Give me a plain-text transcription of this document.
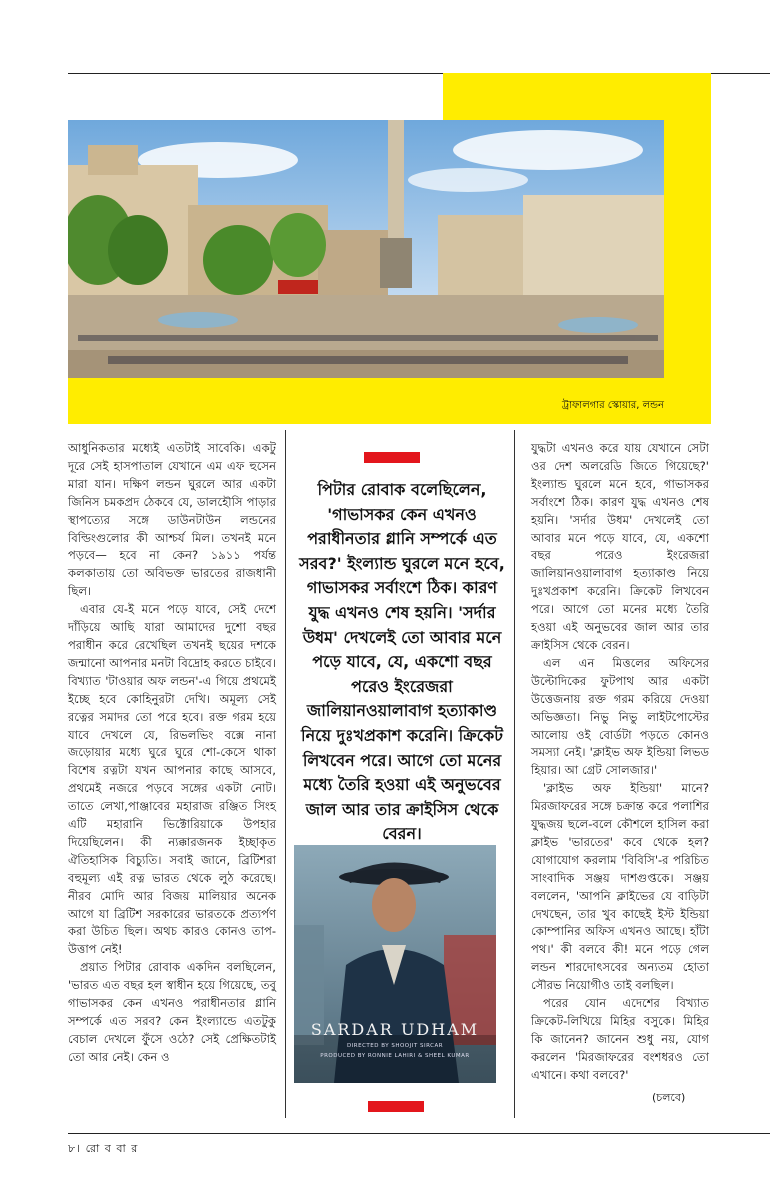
ট্রাফালগার স্কোয়ার, লন্ডন

আধুনিকতার মধ্যেই এতটাই সাবেকি। একটু দূরে সেই হাসপাতাল যেখানে এম এফ হুসেন মারা যান। দক্ষিণ লন্ডন ঘুরলে আর একটা জিনিস চমকপ্রদ ঠেকবে যে, ডালহৌসি পাড়ার স্থাপত্যের সঙ্গে ডাউনটাউন লন্ডনের বিল্ডিংগুলোর কী আশ্চর্য মিল। তখনই মনে পড়বে— হবে না কেন? ১৯১১ পর্যন্ত কলকাতায় তো অবিভক্ত ভারতের রাজধানী ছিল।

এবার যে-ই মনে পড়ে যাবে, সেই দেশে দাঁড়িয়ে আছি যারা আমাদের দুশো বছর পরাধীন করে রেখেছিল তখনই ছয়ের দশকে জন্মানো আপনার মনটা বিদ্রোহ করতে চাইবে। বিখ্যাত 'টাওয়ার অফ লন্ডন'-এ গিয়ে প্রথমেই ইচ্ছে হবে কোহিনুরটা দেখি। অমূল্য সেই রত্নের সমাদর তো পরে হবে। রক্ত গরম হয়ে যাবে দেখলে যে, রিভলভিং বক্সে নানা জড়োয়ার মধ্যে ঘুরে ঘুরে শো-কেসে থাকা বিশেষ রত্নটা যখন আপনার কাছে আসবে, প্রথমেই নজরে পড়বে সঙ্গের একটা নোট। তাতে লেখা,পাঞ্জাবের মহারাজ রঞ্জিত সিংহ এটি মহারানি ভিক্টোরিয়াকে উপহার দিয়েছিলেন। কী ন্যক্কারজনক ইচ্ছাকৃত ঐতিহাসিক বিচ্যুতি। সবাই জানে, ব্রিটিশরা বহুমূল্য এই রত্ন ভারত থেকে লুঠ করেছে। নীরব মোদি আর বিজয় মালিয়ার অনেক আগে যা ব্রিটিশ সরকারের ভারতকে প্রত্যর্পণ করা উচিত ছিল। অথচ কারও কোনও তাপ-উত্তাপ নেই!

প্রয়াত পিটার রোবাক একদিন বলছিলেন, 'ভারত এত বছর হল স্বাধীন হয়ে গিয়েছে, তবু গাভাসকর কেন এখনও পরাধীনতার গ্লানি সম্পর্কে এত সরব? কেন ইংল্যান্ডে এতটুকু বেচাল দেখলে ফুঁসে ওঠে? সেই প্রেক্ষিতটাই তো আর নেই। কেন ও

পিটার রোবাক বলেছিলেন, 'গাভাসকর কেন এখনও পরাধীনতার গ্লানি সম্পর্কে এত সরব?' ইংল্যান্ড ঘুরলে মনে হবে, গাভাসকর সর্বাংশে ঠিক। কারণ যুদ্ধ এখনও শেষ হয়নি। 'সর্দার উধম' দেখলেই তো আবার মনে পড়ে যাবে, যে, একশো বছর পরেও ইংরেজরা জালিয়ানওয়ালাবাগ হত্যাকাণ্ড নিয়ে দুঃখপ্রকাশ করেনি। ক্রিকেট লিখবেন পরে। আগে তো মনের মধ্যে তৈরি হওয়া এই অনুভবের জাল আর তার ক্রাইসিস থেকে বেরন।
SARDAR UDHAM
DIRECTED BY SHOOJIT SIRCAR
PRODUCED BY RONNIE LAHIRI & SHEEL KUMAR

যুদ্ধটা এখনও করে যায় যেখানে সেটা ওর দেশ অলরেডি জিতে গিয়েছে?' ইংল্যান্ড ঘুরলে মনে হবে, গাভাসকর সর্বাংশে ঠিক। কারণ যুদ্ধ এখনও শেষ হয়নি। 'সর্দার উধম' দেখলেই তো আবার মনে পড়ে যাবে, যে, একশো বছর পরেও ইংরেজরা জালিয়ানওয়ালাবাগ হত্যাকাণ্ড নিয়ে দুঃখপ্রকাশ করেনি। ক্রিকেট লিখবেন পরে। আগে তো মনের মধ্যে তৈরি হওয়া এই অনুভবের জাল আর তার ক্রাইসিস থেকে বেরন।

এল এন মিত্তলের অফিসের উল্টোদিকের ফুটপাথ আর একটা উত্তেজনায় রক্ত গরম করিয়ে দেওয়া অভিজ্ঞতা। নিভু নিভু লাইটপোস্টের আলোয় ওই বোর্ডটা পড়তে কোনও সমস্যা নেই। 'ক্লাইভ অফ ইন্ডিয়া লিভড হিয়ার। আ গ্রেট সোলজার।'

'ক্লাইভ অফ ইন্ডিয়া' মানে? মিরজাফরের সঙ্গে চক্রান্ত করে পলাশির যুদ্ধজয় ছলে-বলে কৌশলে হাসিল করা ক্লাইভ 'ভারতের' কবে থেকে হল? যোগাযোগ করলাম 'বিবিসি'-র পরিচিত সাংবাদিক সঞ্জয় দাশগুপ্তকে। সঞ্জয় বললেন, 'আপনি ক্লাইভের যে বাড়িটা দেখছেন, তার খুব কাছেই ইস্ট ইন্ডিয়া কোম্পানির অফিস এখনও আছে। হাঁটা পথ।' কী বলবে কী! মনে পড়ে গেল লন্ডন শারদোৎসবের অন্যতম হোতা সৌরভ নিয়োগীও তাই বলছিল।

পরের যোন এদেশের বিখ্যাত ক্রিকেট-লিখিয়ে মিহির বসুকে। মিহির কি জানেন? জানেন শুধু নয়, যোগ করলেন 'মিরজাফরের বংশধরও তো এখানে। কথা বলবে?'

(চলবে)
৮। রো ব বা র
